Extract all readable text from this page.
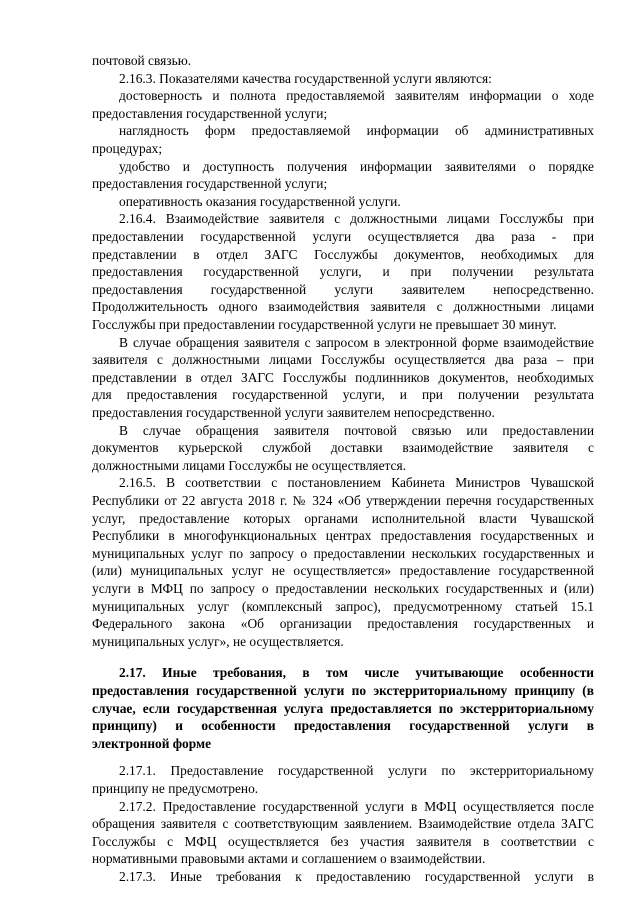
почтовой связью.
2.16.3. Показателями качества государственной услуги являются:
достоверность и полнота предоставляемой заявителям информации о ходе
предоставления государственной услуги;
наглядность форм предоставляемой информации об административных
процедурах;
удобство и доступность получения информации заявителями о порядке
предоставления государственной услуги;
оперативность оказания государственной услуги.
2.16.4. Взаимодействие заявителя с должностными лицами Госслужбы при
предоставлении государственной услуги осуществляется два раза - при
представлении в отдел ЗАГС Госслужбы документов, необходимых для
предоставления государственной услуги, и при получении результата
предоставления государственной услуги заявителем непосредственно.
Продолжительность одного взаимодействия заявителя с должностными лицами
Госслужбы при предоставлении государственной услуги не превышает 30 минут.
В случае обращения заявителя с запросом в электронной форме взаимодействие
заявителя с должностными лицами Госслужбы осуществляется два раза – при
представлении в отдел ЗАГС Госслужбы подлинников документов, необходимых
для предоставления государственной услуги, и при получении результата
предоставления государственной услуги заявителем непосредственно.
В случае обращения заявителя почтовой связью или предоставлении
документов курьерской службой доставки взаимодействие заявителя с
должностными лицами Госслужбы не осуществляется.
2.16.5. В соответствии с постановлением Кабинета Министров Чувашской
Республики от 22 августа 2018 г. № 324 «Об утверждении перечня государственных
услуг, предоставление которых органами исполнительной власти Чувашской
Республики в многофункциональных центрах предоставления государственных и
муниципальных услуг по запросу о предоставлении нескольких государственных и
(или) муниципальных услуг не осуществляется» предоставление государственной
услуги в МФЦ по запросу о предоставлении нескольких государственных и (или)
муниципальных услуг (комплексный запрос), предусмотренному статьей 15.1
Федерального закона «Об организации предоставления государственных и
муниципальных услуг», не осуществляется.
2.17. Иные требования, в том числе учитывающие особенности
предоставления государственной услуги по экстерриториальному принципу (в
случае, если государственная услуга предоставляется по экстерриториальному
принципу) и особенности предоставления государственной услуги в
электронной форме
2.17.1. Предоставление государственной услуги по экстерриториальному
принципу не предусмотрено.
2.17.2. Предоставление государственной услуги в МФЦ осуществляется после
обращения заявителя с соответствующим заявлением. Взаимодействие отдела ЗАГС
Госслужбы с МФЦ осуществляется без участия заявителя в соответствии с
нормативными правовыми актами и соглашением о взаимодействии.
2.17.3. Иные требования к предоставлению государственной услуги в
